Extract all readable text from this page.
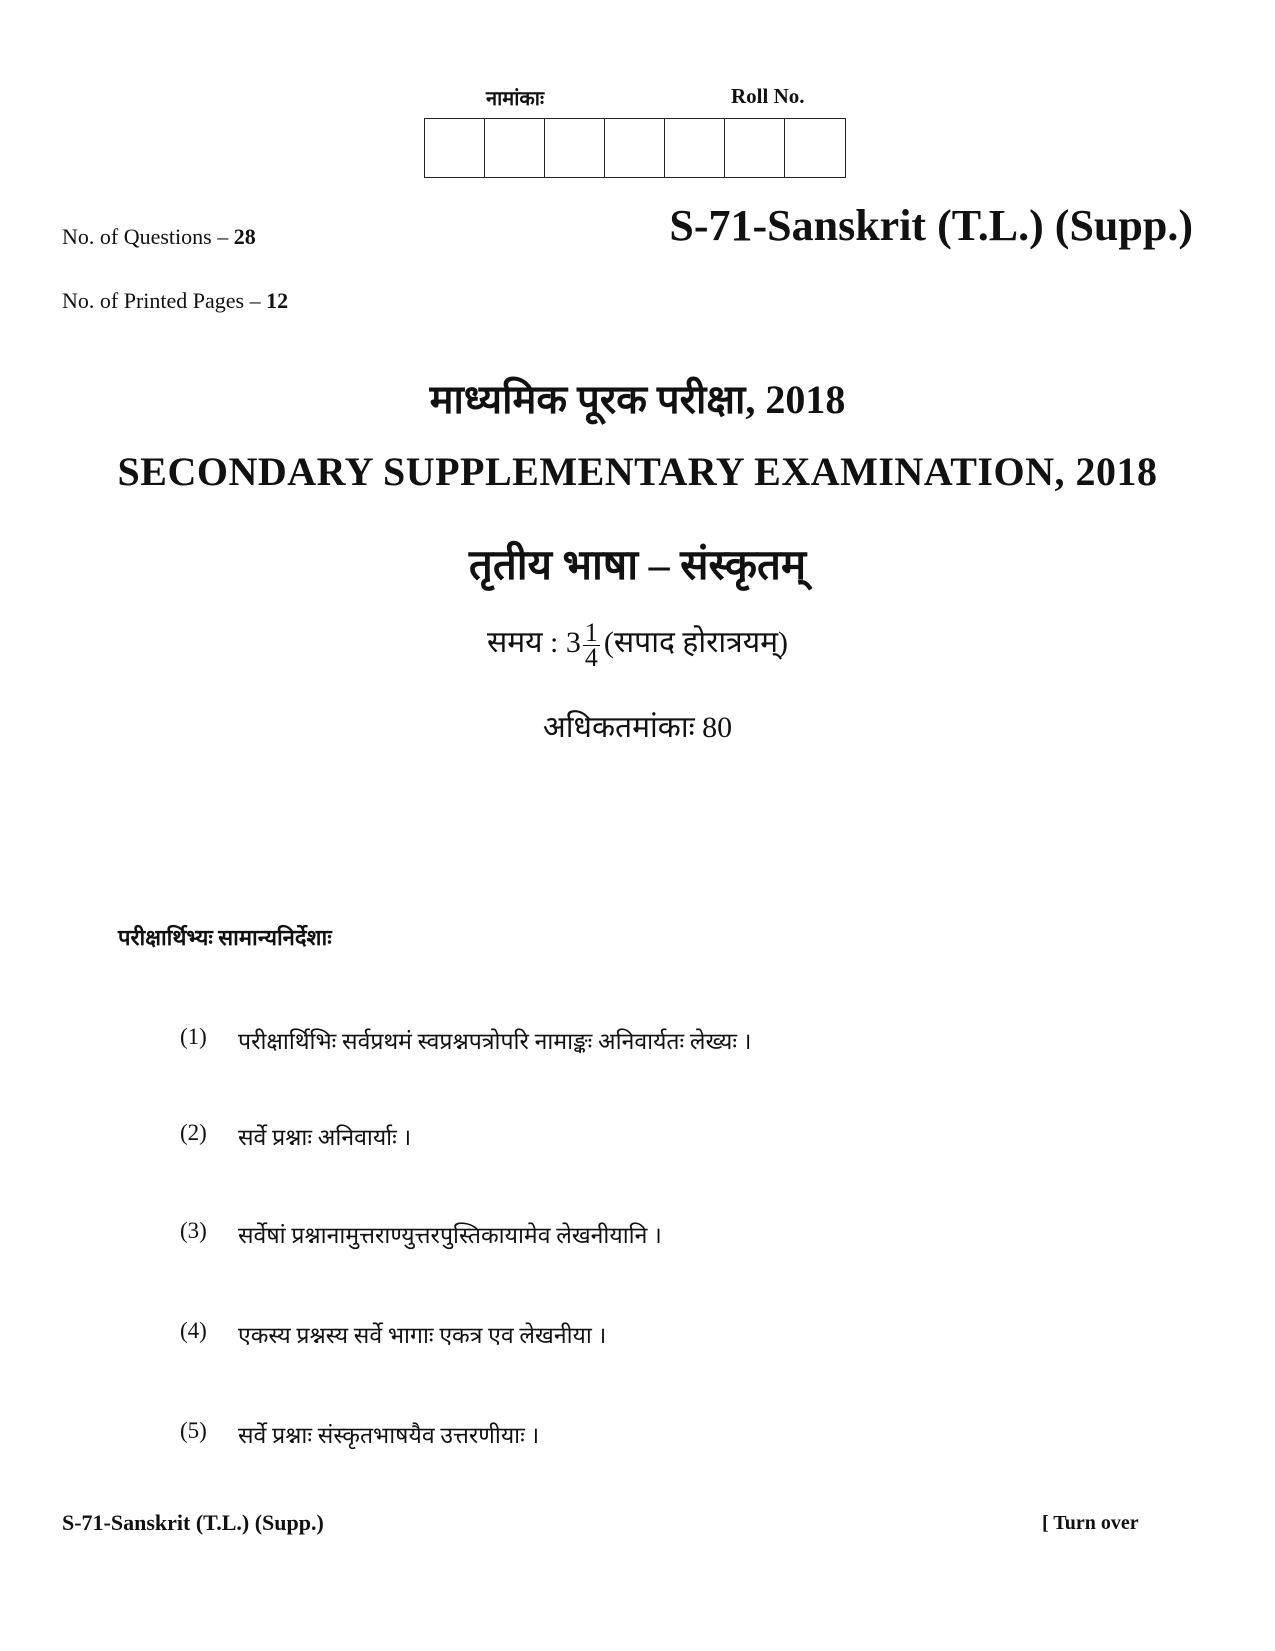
नामांकाः	Roll No.
No. of Questions – 28
No. of Printed Pages – 12
S-71-Sanskrit (T.L.) (Supp.)
माध्यमिक पूरक परीक्षा, 2018
SECONDARY SUPPLEMENTARY EXAMINATION, 2018
तृतीय भाषा – संस्कृतम्
समय : $3 \frac{1}{4}$ (सपाद होरात्रयम्)
अधिकतमांकाः 80
परीक्षार्थिभ्यः सामान्यनिर्देशाः
(1)	परीक्षार्थिभिः सर्वप्रथमं स्वप्रश्नपत्रोपरि नामाङ्कः अनिवार्यतः लेख्यः ।
(2)	सर्वे प्रश्नाः अनिवार्याः ।
(3)	सर्वेषां प्रश्नानामुत्तराण्युत्तरपुस्तिकायामेव लेखनीयानि ।
(4)	एकस्य प्रश्नस्य सर्वे भागाः एकत्र एव लेखनीया ।
(5)	सर्वे प्रश्नाः संस्कृतभाषयैव उत्तरणीयाः ।
S-71-Sanskrit (T.L.) (Supp.)	[ Turn over
